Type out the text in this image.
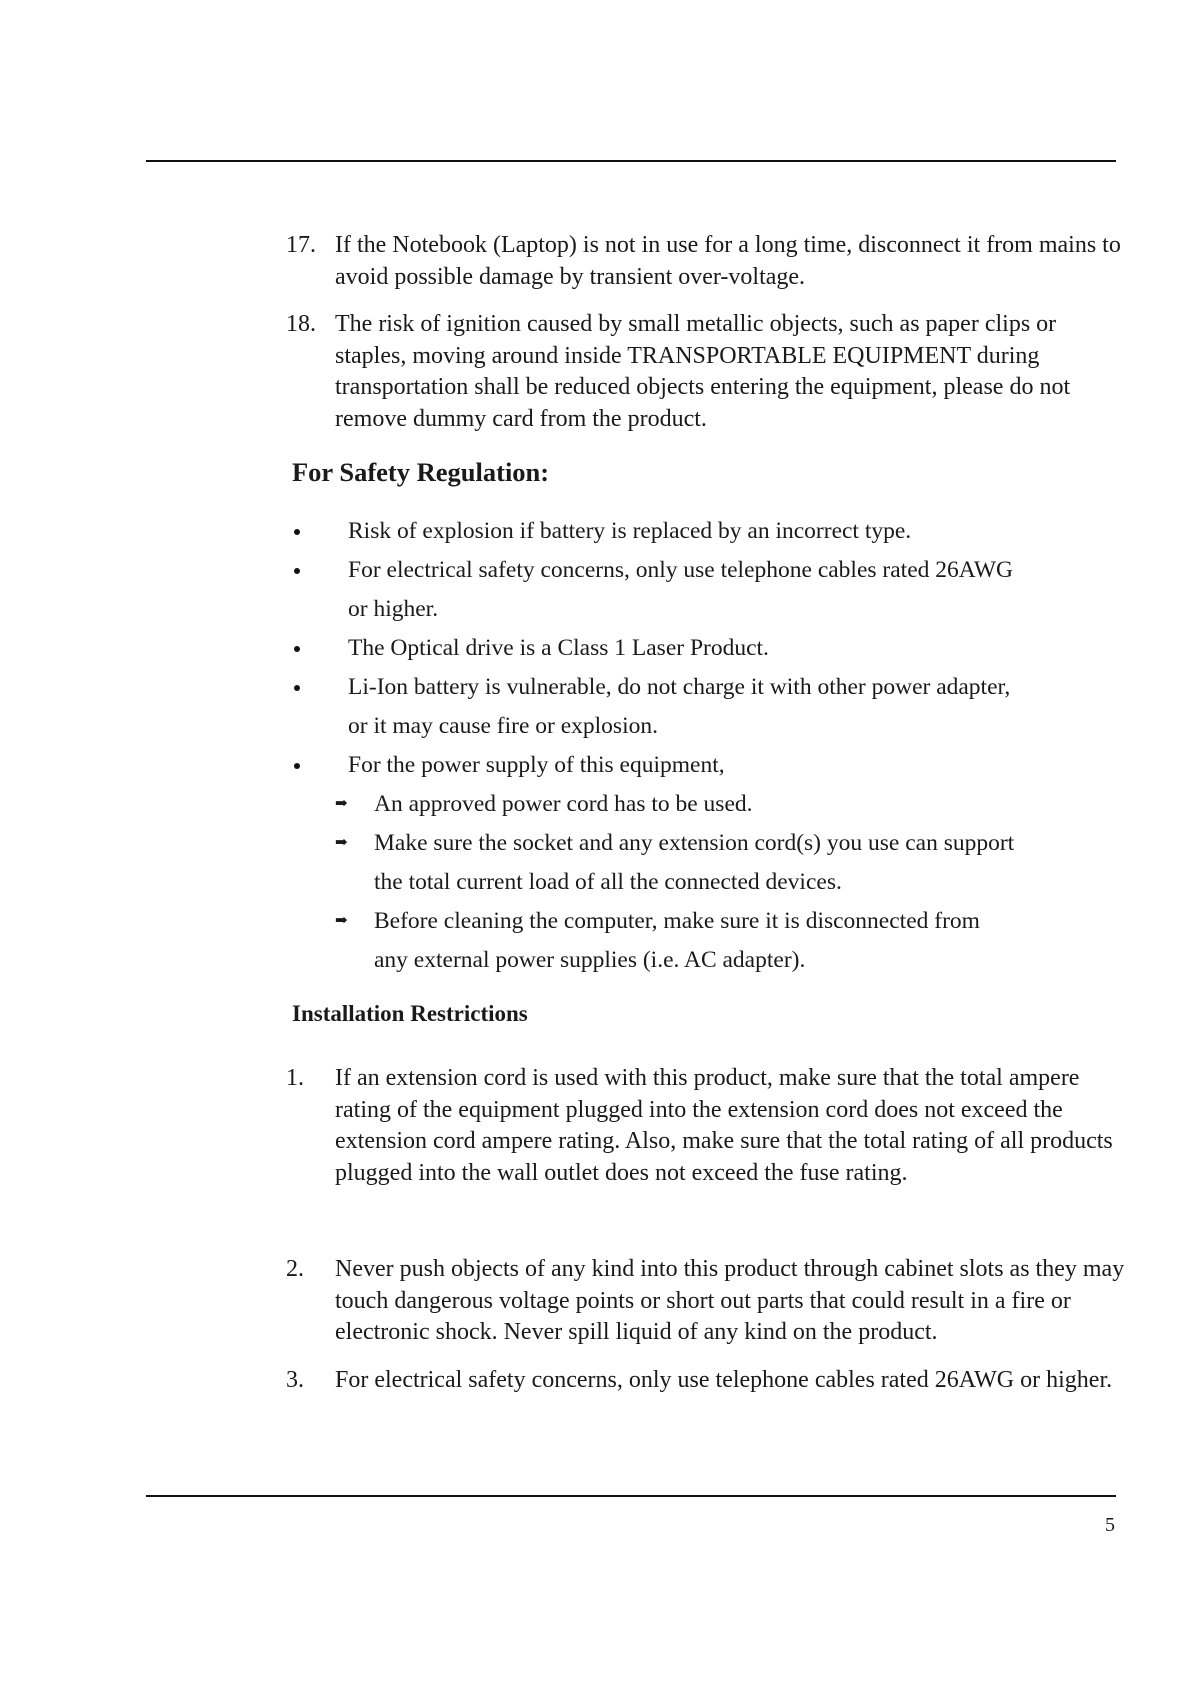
17. If the Notebook (Laptop) is not in use for a long time, disconnect it from mains to avoid possible damage by transient over-voltage.
18. The risk of ignition caused by small metallic objects, such as paper clips or staples, moving around inside TRANSPORTABLE EQUIPMENT during transportation shall be reduced objects entering the equipment, please do not remove dummy card from the product.
For Safety Regulation:
Risk of explosion if battery is replaced by an incorrect type.
For electrical safety concerns, only use telephone cables rated 26AWG or higher.
The Optical drive is a Class 1 Laser Product.
Li-Ion battery is vulnerable, do not charge it with other power adapter, or it may cause fire or explosion.
For the power supply of this equipment,
➡ An approved power cord has to be used.
➡ Make sure the socket and any extension cord(s) you use can support the total current load of all the connected devices.
➡ Before cleaning the computer, make sure it is disconnected from any external power supplies (i.e. AC adapter).
Installation Restrictions
1. If an extension cord is used with this product, make sure that the total ampere rating of the equipment plugged into the extension cord does not exceed the extension cord ampere rating. Also, make sure that the total rating of all products plugged into the wall outlet does not exceed the fuse rating.
2. Never push objects of any kind into this product through cabinet slots as they may touch dangerous voltage points or short out parts that could result in a fire or electronic shock. Never spill liquid of any kind on the product.
3. For electrical safety concerns, only use telephone cables rated 26AWG or higher.
5
